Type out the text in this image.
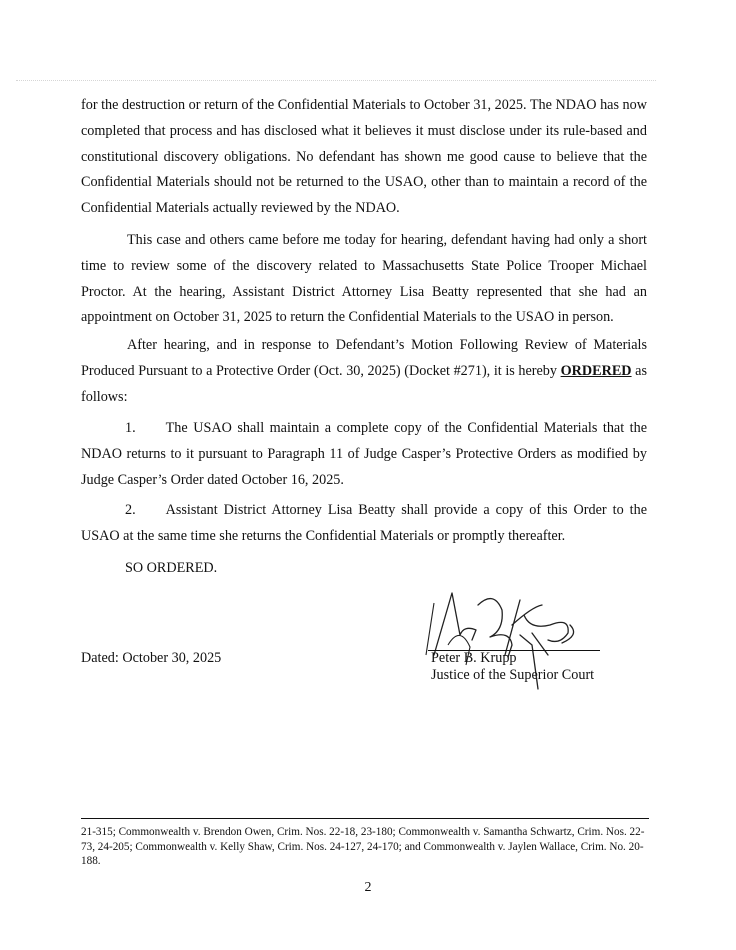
for the destruction or return of the Confidential Materials to October 31, 2025. The NDAO has now completed that process and has disclosed what it believes it must disclose under its rule-based and constitutional discovery obligations. No defendant has shown me good cause to believe that the Confidential Materials should not be returned to the USAO, other than to maintain a record of the Confidential Materials actually reviewed by the NDAO.

This case and others came before me today for hearing, defendant having had only a short time to review some of the discovery related to Massachusetts State Police Trooper Michael Proctor. At the hearing, Assistant District Attorney Lisa Beatty represented that she had an appointment on October 31, 2025 to return the Confidential Materials to the USAO in person.

After hearing, and in response to Defendant’s Motion Following Review of Materials Produced Pursuant to a Protective Order (Oct. 30, 2025) (Docket #271), it is hereby ORDERED as follows:

1. The USAO shall maintain a complete copy of the Confidential Materials that the NDAO returns to it pursuant to Paragraph 11 of Judge Casper’s Protective Orders as modified by Judge Casper’s Order dated October 16, 2025.

2. Assistant District Attorney Lisa Beatty shall provide a copy of this Order to the USAO at the same time she returns the Confidential Materials or promptly thereafter.

SO ORDERED.
Dated: October 30, 2025	Peter B. Krupp
Justice of the Superior Court
21-315; Commonwealth v. Brendon Owen, Crim. Nos. 22-18, 23-180; Commonwealth v. Samantha Schwartz, Crim. Nos. 22-73, 24-205; Commonwealth v. Kelly Shaw, Crim. Nos. 24-127, 24-170; and Commonwealth v. Jaylen Wallace, Crim. No. 20-188.
2
